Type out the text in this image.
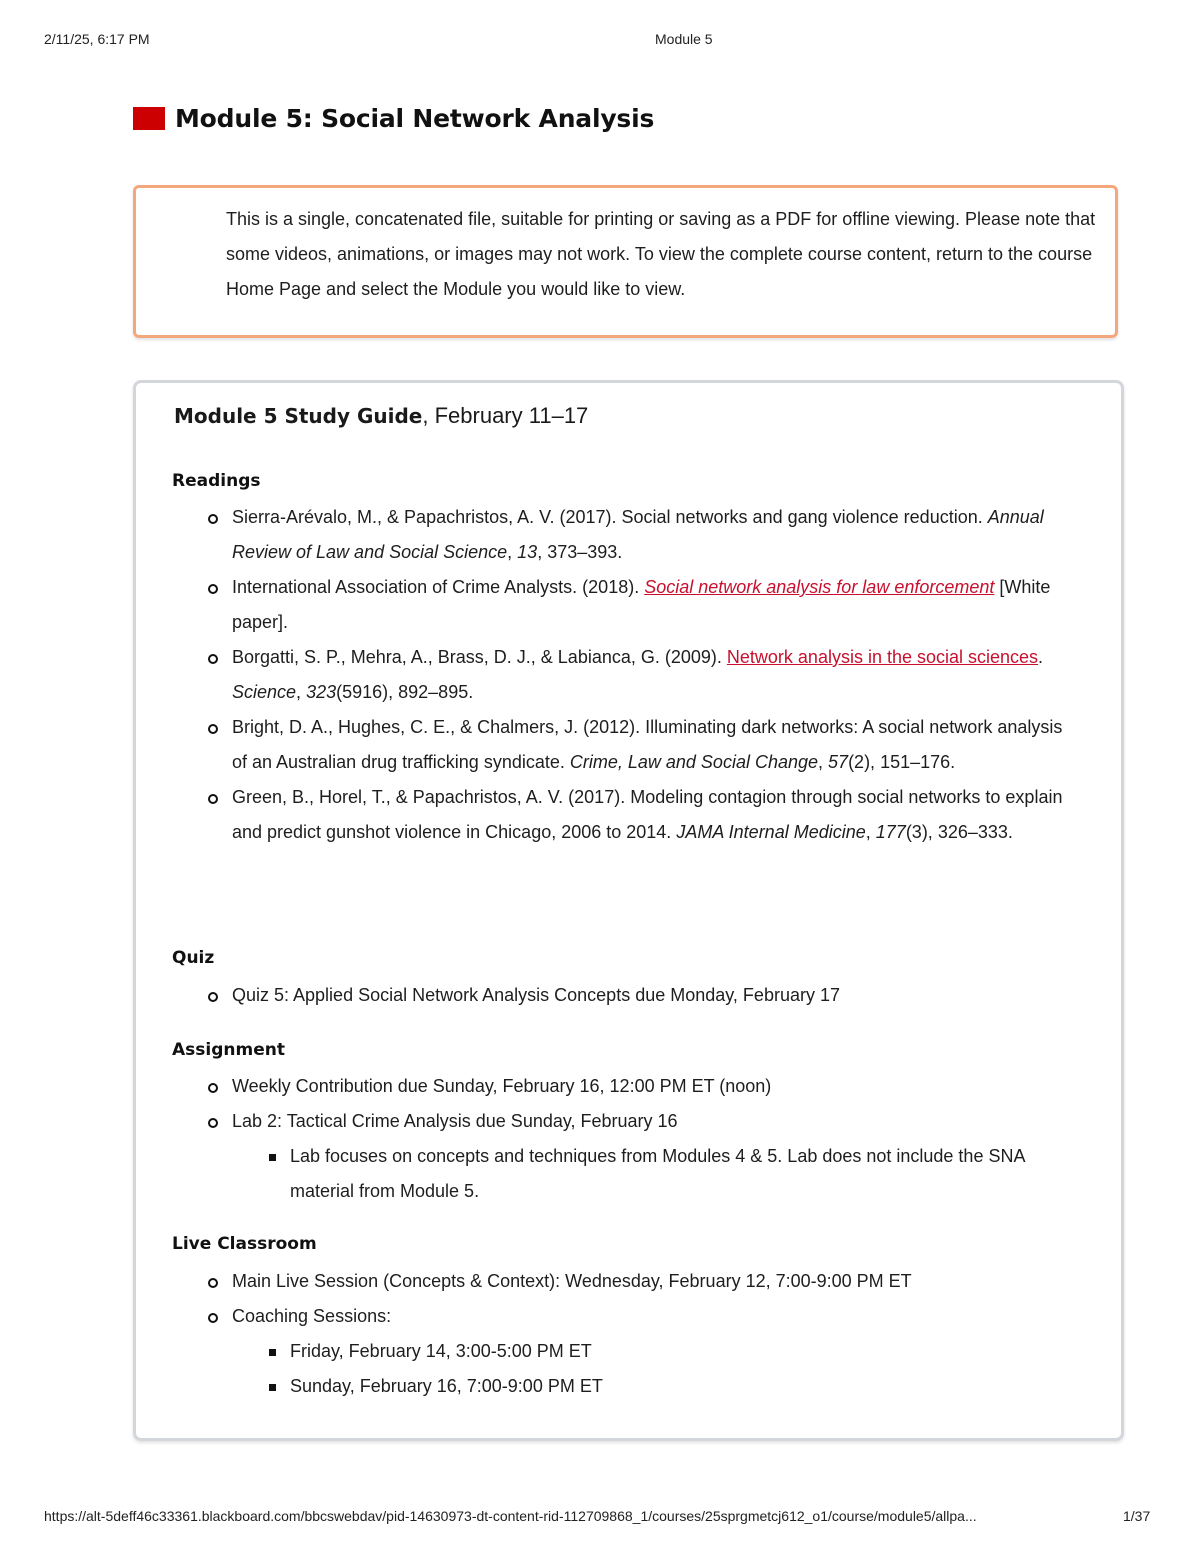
2/11/25, 6:17 PM	Module 5
Module 5: Social Network Analysis

This is a single, concatenated file, suitable for printing or saving as a PDF for offline viewing. Please note that some videos, animations, or images may not work. To view the complete course content, return to the course Home Page and select the Module you would like to view.

Module 5 Study Guide, February 11–17
Readings
Sierra-Arévalo, M., & Papachristos, A. V. (2017). Social networks and gang violence reduction. Annual Review of Law and Social Science, 13, 373–393.
International Association of Crime Analysts. (2018). Social network analysis for law enforcement [White paper].
Borgatti, S. P., Mehra, A., Brass, D. J., & Labianca, G. (2009). Network analysis in the social sciences. Science, 323(5916), 892–895.
Bright, D. A., Hughes, C. E., & Chalmers, J. (2012). Illuminating dark networks: A social network analysis of an Australian drug trafficking syndicate. Crime, Law and Social Change, 57(2), 151–176.
Green, B., Horel, T., & Papachristos, A. V. (2017). Modeling contagion through social networks to explain and predict gunshot violence in Chicago, 2006 to 2014. JAMA Internal Medicine, 177(3), 326–333.
Quiz
Quiz 5: Applied Social Network Analysis Concepts due Monday, February 17
Assignment
Weekly Contribution due Sunday, February 16, 12:00 PM ET (noon)
Lab 2: Tactical Crime Analysis due Sunday, February 16
Lab focuses on concepts and techniques from Modules 4 & 5. Lab does not include the SNA material from Module 5.
Live Classroom
Main Live Session (Concepts & Context): Wednesday, February 12, 7:00-9:00 PM ET
Coaching Sessions:
Friday, February 14, 3:00-5:00 PM ET
Sunday, February 16, 7:00-9:00 PM ET
https://alt-5deff46c33361.blackboard.com/bbcswebdav/pid-14630973-dt-content-rid-112709868_1/courses/25sprgmetcj612_o1/course/module5/allpa...	1/37
